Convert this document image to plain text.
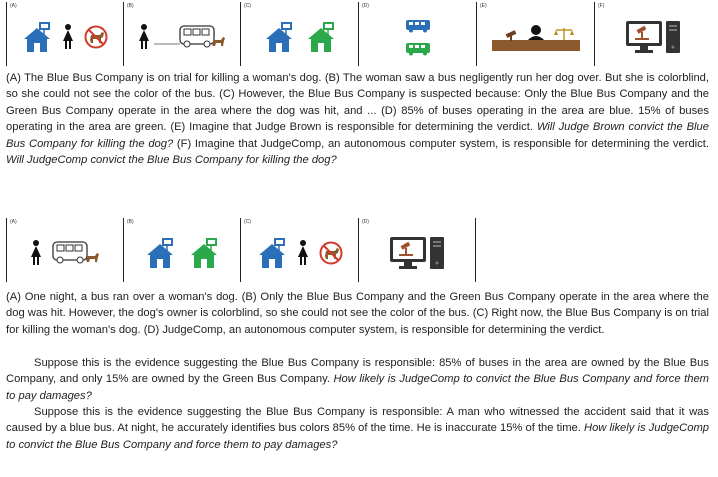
(A)	(B)	(C)	(D)	(E)	(F)

(A) The Blue Bus Company is on trial for killing a woman's dog. (B) The woman saw a bus negligently run her dog over. But she is colorblind, so she could not see the color of the bus. (C) However, the Blue Bus Company is suspected because: Only the Blue Bus Company and the Green Bus Company operate in the area where the dog was hit, and ... (D) 85% of buses operating in the area are blue. 15% of buses operating in the area are green. (E) Imagine that Judge Brown is responsible for determining the verdict. Will Judge Brown convict the Blue Bus Company for killing the dog? (F) Imagine that JudgeComp, an autonomous computer system, is responsible for determining the verdict. Will JudgeComp convict the Blue Bus Company for killing the dog?

(A)	(B)	(C)	(D)

(A) One night, a bus ran over a woman's dog. (B) Only the Blue Bus Company and the Green Bus Company operate in the area where the dog was hit. However, the dog's owner is colorblind, so she could not see the color of the bus. (C) Right now, the Blue Bus Company is on trial for killing the woman's dog. (D) JudgeComp, an autonomous computer system, is responsible for determining the verdict.

Suppose this is the evidence suggesting the Blue Bus Company is responsible: 85% of buses in the area are owned by the Blue Bus Company, and only 15% are owned by the Green Bus Company. How likely is JudgeComp to convict the Blue Bus Company and force them to pay damages?

Suppose this is the evidence suggesting the Blue Bus Company is responsible: A man who witnessed the accident said that it was caused by a blue bus. At night, he accurately identifies bus colors 85% of the time. He is inaccurate 15% of the time. How likely is JudgeComp to convict the Blue Bus Company and force them to pay damages?
